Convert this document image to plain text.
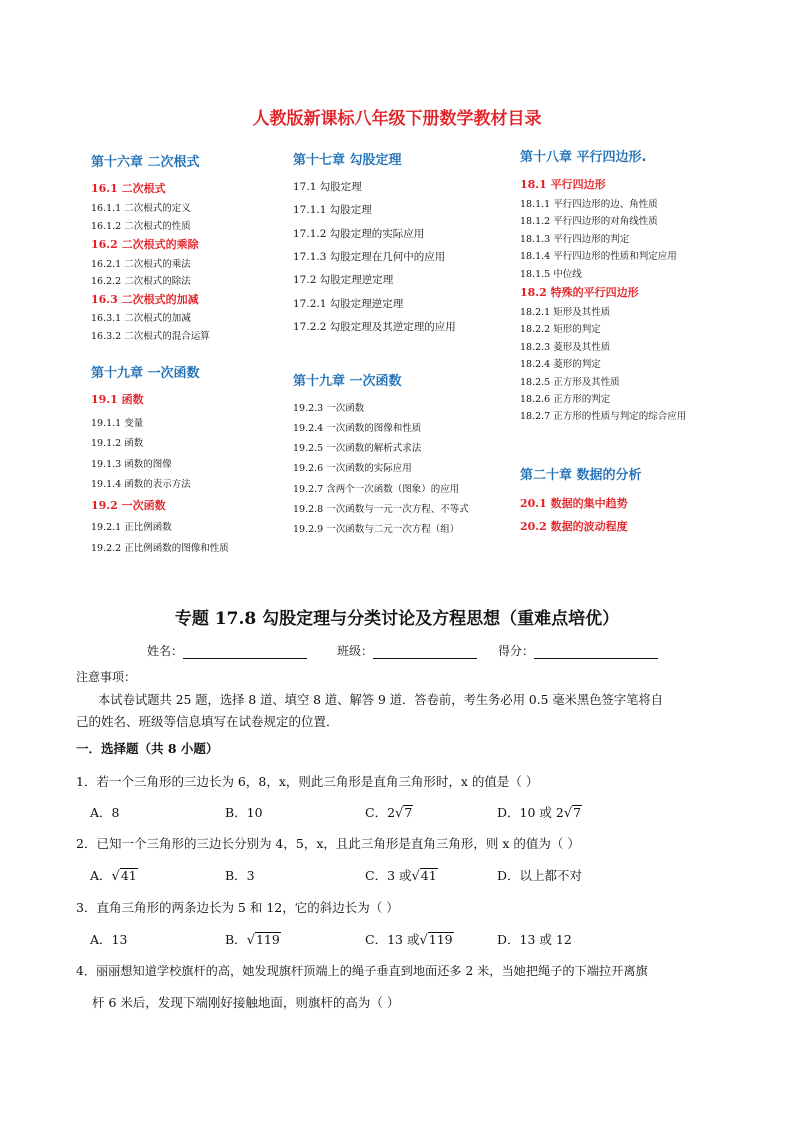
人教版新课标八年级下册数学教材目录
第十六章 二次根式
16.1 二次根式
16.1.1 二次根式的定义
16.1.2 二次根式的性质
16.2 二次根式的乘除
16.2.1 二次根式的乘法
16.2.2 二次根式的除法
16.3 二次根式的加减
16.3.1 二次根式的加减
16.3.2 二次根式的混合运算
第十九章 一次函数
19.1 函数
19.1.1 变量
19.1.2 函数
19.1.3 函数的图像
19.1.4 函数的表示方法
19.2 一次函数
19.2.1 正比例函数
19.2.2 正比例函数的图像和性质
第十七章 勾股定理
17.1 勾股定理
17.1.1 勾股定理
17.1.2 勾股定理的实际应用
17.1.3 勾股定理在几何中的应用
17.2 勾股定理逆定理
17.2.1 勾股定理逆定理
17.2.2 勾股定理及其逆定理的应用
第十九章 一次函数
19.2.3 一次函数
19.2.4 一次函数的图像和性质
19.2.5 一次函数的解析式求法
19.2.6 一次函数的实际应用
19.2.7 含两个一次函数（图象）的应用
19.2.8 一次函数与一元一次方程、不等式
19.2.9 一次函数与二元一次方程（组）
第十八章 平行四边形.
18.1 平行四边形
18.1.1 平行四边形的边、角性质
18.1.2 平行四边形的对角线性质
18.1.3 平行四边形的判定
18.1.4 平行四边形的性质和判定应用
18.1.5 中位线
18.2 特殊的平行四边形
18.2.1 矩形及其性质
18.2.2 矩形的判定
18.2.3 菱形及其性质
18.2.4 菱形的判定
18.2.5 正方形及其性质
18.2.6 正方形的判定
18.2.7 正方形的性质与判定的综合应用
第二十章 数据的分析
20.1 数据的集中趋势
20.2 数据的波动程度
专题 17.8 勾股定理与分类讨论及方程思想（重难点培优）
姓名：	班级：	得分：
注意事项：
本试卷试题共 25 题，选择 8 道、填空 8 道、解答 9 道．答卷前，考生务必用 0.5 毫米黑色签字笔将自
己的姓名、班级等信息填写在试卷规定的位置．
一．选择题（共 8 小题）
1．若一个三角形的三边长为 6，8，x，则此三角形是直角三角形时，x 的值是（ ）
A．8	B．10	C．2√7	D．10 或 2√7
2．已知一个三角形的三边长分别为 4，5，x，且此三角形是直角三角形，则 x 的值为（ ）
A．√41	B．3	C．3 或√41	D．以上都不对
3．直角三角形的两条边长为 5 和 12，它的斜边长为（ ）
A．13	B．√119	C．13 或√119	D．13 或 12
4．丽丽想知道学校旗杆的高，她发现旗杆顶端上的绳子垂直到地面还多 2 米，当她把绳子的下端拉开离旗
杆 6 米后，发现下端刚好接触地面，则旗杆的高为（ ）
